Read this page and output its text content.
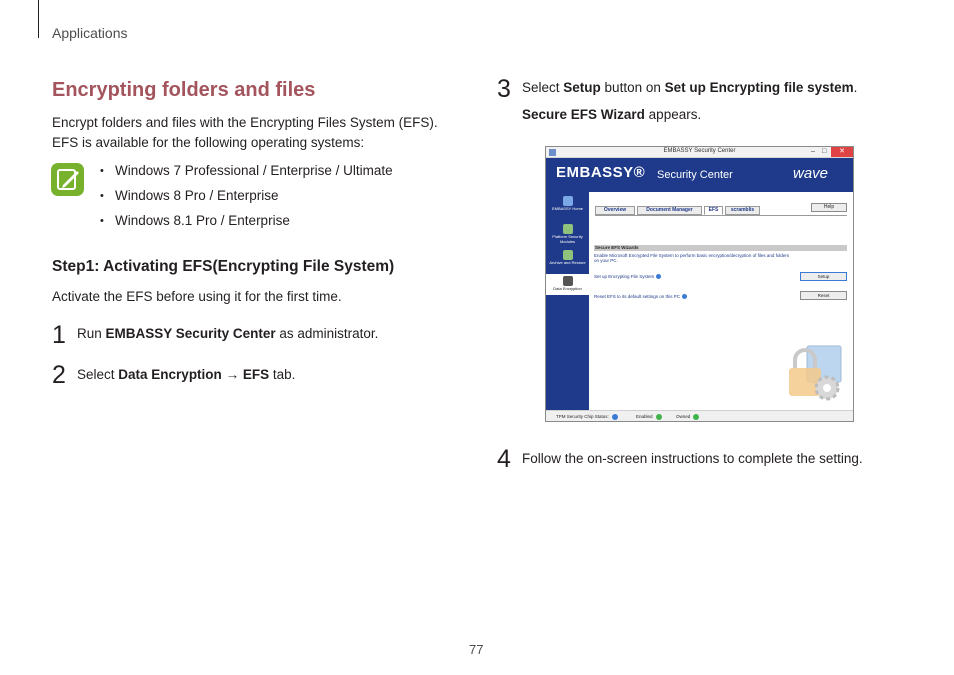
Applications
Encrypting folders and files

Encrypt folders and files with the Encrypting Files System (EFS). EFS is available for the following operating systems:

• Windows 7 Professional / Enterprise / Ultimate
• Windows 8 Pro / Enterprise
• Windows 8.1 Pro / Enterprise
Step1: Activating EFS(Encrypting File System)

Activate the EFS before using it for the first time.

1 Run EMBASSY Security Center as administrator.

2 Select Data Encryption → EFS tab.

3 Select Setup button on Set up Encrypting file system.

Secure EFS Wizard appears.

EMBASSY Security Center	– □	✕
EMBASSY® Security Center	wave
EMBASSY Home
Platform Security Modules
Archive and Restore
Data Encryption
Overview	Document Manager	EFS	scramblis	Help
Secure EFS Wizards
Enable Microsoft Encrypted File System to perform basic encryption/decryption of files and folders on your PC.
Set up Encrypting File System	Setup
Reset EFS to its default settings on this PC	Reset
TPM Security Chip Status:	Enabled	Owned
4 Follow the on-screen instructions to complete the setting.

77
